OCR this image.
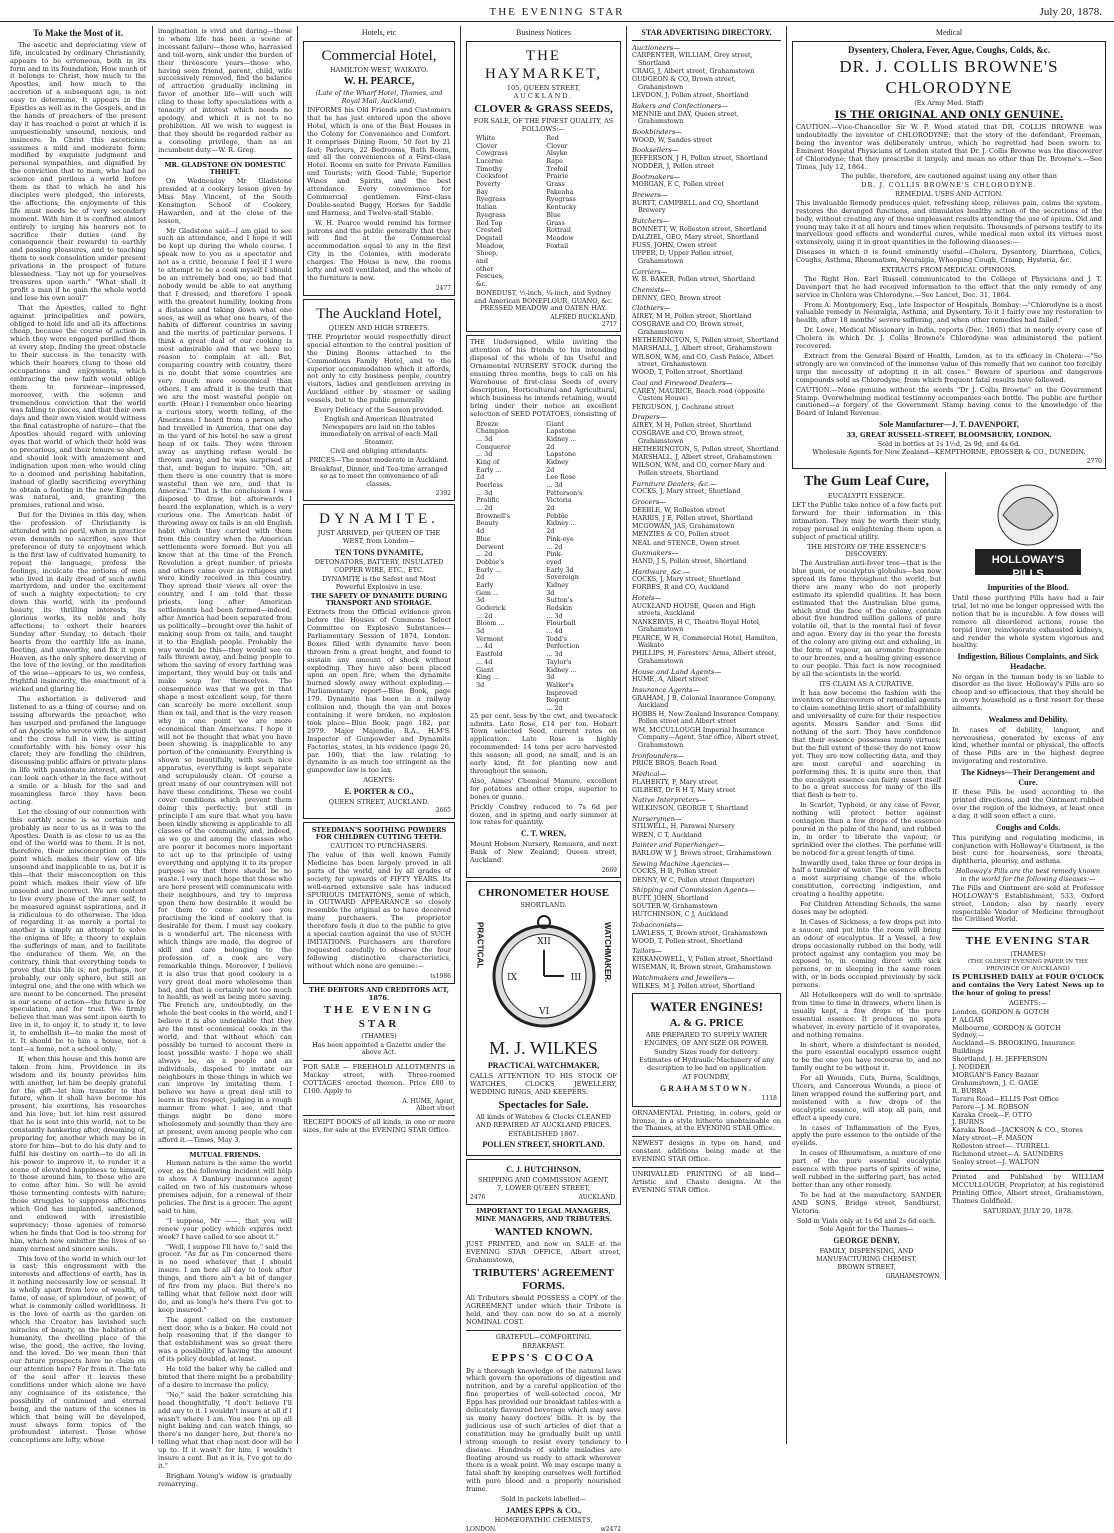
THE EVENING STAR	July 20, 1878.
To Make the Most of it.
The ascetic and depreciating view of life, inculcated by ordinary Christianity, appears to be erroneous, both in its form and in its foundation. How much of it belongs to Christ, how much to the Apostles, and how much to the accretion of a subsequent age, is not easy to determine. It appears in the Epistles as well as in the Gospels, and in the hands of preachers of the present day it has reached a point at which it is unquestionably unsound, noxious, and insincere. In Christ this asceticism assumes a mild and moderate form; modified by exquisite judgment and personal sympathies, and dignified by the conviction that to men, who had no science and perilous a world before them as that to which he and his disciples were pledged, the interests, the affections, the enjoyments of this life must needs be of very secondary moment. With him it is confined almost entirely to urging his hearers not to sacrifice their duties (and by consequence their rewards) to earthly and passing pleasures, and to teaching them to seek consolation under present privations in the prospect of future blessedness. "Lay not up for yourselves treasures upon earth." "What shall it profit a man if he gain the whole world and lose his own soul?"
That the Apostles, called to fight against principalities and powers, obliged to hold life and all its affections cheap, because the course of action in which they were engaged perilled them at every step, finding the great obstacle to their success in the tenacity with which their hearers clung to those old occupations and enjoyments, which embracing the new faith would oblige them to forswear—impressed, moreover, with the solemn and tremendous conviction that the world was falling to pieces, and that their own days and their own vision would witness the final catastrophe of nature—that the Apostles should regard with unloving eyes that world of which their hold was so precarious, and their tenure so short, and should look with amazement and indignation upon men who would cling to a doomed and perishing habitation, instead of gladly sacrificing everything to obtain a footing in the new Kingdom was natural, and, granting the premises, rational and wise.
But for the Divines in this day, when the profession of Christianity is attended with no peril, when in practice even demands no sacrifice, save that preference of duty to enjoyment which is the first law of cultivated humanity, to repeat the language, profess the feelings, inculcate the notions of men who lived in daily dread of such awful martyrdom, and under the excitement of such a mighty expectation; to cry down this world, with its profound beauty, its thrilling interests, its glorious works, its noble and holy affections; to exhort their hearers Sunday after Sunday, to detach their hearts from the earthly life as inane, fleeting, and unworthy, and fix it upon Heaven, as the only sphere deserving of the love of the loving, or the meditation of the wise—appears to us, we confess, frightful insincerity, the enactment of a wicked and glaring lie.
The exhortation is delivered and listened to as a thing of course; and on issuing afterwards the preacher, who has usurped and profaned the language of an Apostle who wrote with the august and the cross full in view, is sitting comfortably with his honey over his claret; they are fondling the children, discussing public affairs or private plans in life with passionate interest, and yet can look each other in the face without a smile or a blush for the sad and meaningless farce they have been acting.
Let the closing of our connection with this earthly scene is so certain and probably as near to us as it was to the Apostles. Death is as close to us as the end of the world was to them. It is not, therefore, their misconception on this point which makes their view of life unsound and inapplicable to us, but it is this—that their misconception on this point which makes their view of life unsound and incorrect. We are content to live every phase of the inner self, to be measured against aspirations, and it is ridiculous to do otherwise. The idea of regarding it as merely a portal to another is simply an attempt to solve the enigma of life; a theory to explain the sufferings of man, and to facilitate the endurance of them. We, on the contrary, think that everything tends to prove that this life is, not perhaps, nor probably, our only sphere, but still an integral one, and the one with which we are meant to be concerned. The present is our scene of action—the future is for speculation, and for trust. We firmly believe that man was sent upon earth to live in it, to enjoy it, to study it, to love it, to embellish it—to make the most of it. It should be to him a house, not a tent—a home, not a school only.
If, when this house and this home are taken from him, Providence in its wisdom and its bounty provides him with another, let him be deeply grateful for the gift—let him transfer to that future, when it shall have become his present, his exertions, his researches and his love; but let him rest assured that he is sent into this world, not to be constantly hankering after, dreaming of, preparing for, another which may be in store for him—but to do his duty and to fulfil his destiny on earth—to do all in his power to improve it, to render it a scene of elevated happiness to himself, to those around him, to those who are to come after him. So will he avoid those tormenting contests with nature; those struggles to suppress affections which God has implanted, sanctioned, and endowed with irresistible supremacy; those agonies of remorse when he finds that God is too strong for him, which now embitter the lives of so many earnest and sincere souls.
This love of the world in which our lot is cast; this engrossment with the interests and affections of earth, has in it nothing necessarily low or sensual. It is wholly apart from love of wealth, of fame, of ease, of splendour, of power, of what is commonly called worldliness. It is the love of earth as the garden on which the Creator has lavished such miracles of beauty, as the habitation of humanity, the dwelling place of the wise, the good, the active, the loving, and the loved. Do we mean then that our future prospects have no claim on our attention here? Far from it. The fate of the soul after it leaves these conditions under which alone we have any cognisance of its existence, the possibility of continued and eternal being, and the nature of the scenes in which that being will be developed, must always form topics of the profoundest interest. Those whose conceptions are lofty, whose
imagination is vivid and daring—those to whom life has been a scene of incessant failure—those who, harrassed and toil-worn, sink under the burden of their threescore years—those who, having seen friend, parent, child, wife successively removed, find the balance of attraction gradually inclining in favor of another life—will such will cling to these lofty speculations with a tenacity of interest which needs no apology, and which it is not to no prohibition. All we wish to suggest is that they should be regarded rather as a consoling privilege, than as an incumbent duty.—W. R. Greg.
MR. GLADSTONE ON DOMESTIC THRIFT.
On Wednesday Mr Gladstone presided at a cookery lesson given by Miss May Vincent, of the South Kensington School of Cookery, Hawarden, and at the close of the lesson,
Mr Gladstone said—I am glad to see such an attendance, and I hope it will be kept up during the whole course. I speak now to you as a spectator and not as a critic, because I feel if I were to attempt to be a cook myself I should be an extremely bad one, so bad that nobody would be able to eat anything that I dressed; and therefore I speak with the greatest humility, looking from a distance and taking down what one sees, as well as what one hears, of the habits of different countries in saving and the merits of particular persons. I think a great deal of our cooking is most admirable and that we have no reason to complain at all. But, comparing country with country, there is no doubt that some countries are very much more economical than others. I am afraid it is the truth that we are the most wasteful people on earth. (Hear.) I remember once hearing a curious story, worth telling, of the Americans. I heard from a person who had travelled in America, that one day in the yard of his hotel he saw a great heap of ox tails. They were thrown away as anything refuse would be thrown away, and he was surprised at that, and began to inquire. "Oh, sir, then there is one country that is more wasteful than we are, and that is America." That is the conclusion I was disposed to draw, but afterwards I heard the explanation, which is a very curious one. The American habit of throwing away ox tails is an old English habit which they carried with them from this country when the American settlements were formed. But you all know that at the time of the French Revolution a great number of priests and others came over as refugees and were kindly received in this country. They spread their views all over the country, and I am told that these priests, long after American settlements had been formed—indeed, after America had been separated from us politically—brought over the habit of making soup from ox tails, and taught it to the English people. Probably the way would be this—they would see ox tails thrown away, and being people to whom the saving of every farthing was important, they would buy ox tails and make soup for themselves. The consequence was that we got in that shape a most excellent soup, for there can scarcely be more excellent soup than ox tail, and that is the very reason why in one point we are more economical than Americans. I hope it will not be thought that what you have been showing is inapplicable to any portion of the community. Everything is shown so beautifully, with such nice apparatus, everything is kept separate and scrupulously clean. Of course a great many of our countrymen will not have these conditions. These we could cover conditions which prevent them doing this perfectly; but still in principle I am sure that what you have been kindly showing is applicable to all classes of the community, and, indeed, as we go and among the classes who are poorer it becomes more important to act up to the principle of using everything and applying it to its proper purpose so that there should be no waste. I very much hope that those who are here present will communicate with their neighbours, and try to impress upon them how desirable it would be for them to come and see you practising the kind of cookery that is desirable for them. I must say cookery is a wonderful art. The niceness with which things are made, the degree of skill and care belonging to the profession of a cook are very remarkable things. Moreover, I believe it is also true that good cookery is a very great deal more wholesome than bad, and that is certainly not too much to health, as well as being more saving. The French are, undoubtedly, on the whole the best cooks in the world, and I believe it is also undeniable that they are the most economical cooks in the world, and that without which can possibly be turned to account there is least possible waste. I hope we shall always be, as a people and as individuals, disposed to imitate our neighbours in those things in which we can improve by imitating them. I believe we have a great deal still to learn in this respect, judging in a rough manner from what I see, and that things might be done more wholesomely and soundly than they are at present, even among people who can afford it.—Times, May 3.
MUTUAL FRIENDS.
Human nature is the same the world over, as the following incident will help to show. A Danbury insurance agent called on two of his customers whose premises adjoin, for a renewal of their policies. The first is a grocer. The agent said to him,
"I suppose, Mr ——, that you will renew your policy which expires next week? I have called to see about it."
"Well, I suppose I'll have to," said the grocer. "As far as I'm concerned there is no need whatever that I should insure. I am here all day to look after things, and there ain't a bit of danger of fire from my place. But there's no telling what that fellow next door will do, and as long's he's there I've got to keep insured."
The agent called on the customer next door, who is a baker. He could not help reasoning that if the danger to that establishment was so great there was a possibility of having the amount of its policy doubled, at least.
He told the baker why he called and hinted that there might be a probability of a desire to increase the policy.
"No," said the baker scratching his head thoughtfully, "I don't believe I'll add any to it. I wouldn't insure at all if I wasn't where I am. You see I'm up all night baking and can watch things, so there's no danger here, but there's no telling what that chap next door will be up to. If it wasn't for him, I wouldn't insure a cent. But as it is, I've got to do it."
Brigham Young's widow is gradually remarrying.
Hotels, etc
Commercial Hotel,
HAMILTON WEST, WAIKATO.
W. H. PEARCE,
(Late of the Wharf Hotel, Thames, and Royal Mail, Auckland),
INFORMS his Old Friends and Customers that he has just entered upon the above Hotel, which is one of the Best Houses in the Colony for Convenience and Comfort. It comprises Dining Room, 50 feet by 21 feet; Parlours, 22 Bedrooms, Bath Room, and all the conveniences of a First-class Hotel. Rooms en suite for Private Families and Tourists; with Good Table, Superior Wines and Spirits, and the best attendance. Every convenience for Commercial gentlemen. First-class Double-seated Buggy, Horses for Saddle and Harness, and Twelve-stall Stable.
W. H. Pearce would remind his former patrons and the public generally that they will find at the Commercial accommodation equal to any in the first City in the Colonies, with moderate charges. The House is new, the rooms lofty and well ventilated, and the whole of the furniture is new.
2477
The Auckland Hotel,
QUEEN AND HIGH STREETS.
THE Proprietor would respectfully direct special attention to the central position of the Dining Rooms attached to the Commodious Family Hotel, and to the superior accommodation which it affords, not only to city business people, country visitors, ladies and gentlemen arriving in Auckland either by steamer or sailing vessels, but to the public generally.
Every Delicacy of the Season provided.
English and American Illustrated Newspapers are laid on the tables immediately on arrival of each Mail Steamer.
Civil and obliging attendants.
PRICES—The most moderate in Auckland.
Breakfast, Dinner, and Tea-time arranged so as to meet the convenience of all classes.
2392
DYNAMITE.
JUST ARRIVED, per QUEEN OF THE WEST, from London—
TEN TONS DYNAMITE,
DETONATORS, BATTERY, INSULATED COPPER WIRE, ETC., ETC.
DYNAMITE is the Safest and Most Powerful Explosive in use.
THE SAFETY OF DYNAMITE DURING TRANSPORT AND STORAGE.
Extracts from the Official evidence given before the Houses of Commons Select Committee on Explosive Substances—Parliamentary Session of 1874, London. Boxes filled with dynamite have been thrown from a great height, and found to sustain any amount of shock without exploding. They have also been placed upon an open fire, when the dynamite burned slowly away without exploding.—Parliamentary report—Blue Book, page 179. Dynamite has been in a railway collision and, though the van and boxes containing it were broken, no explosion took place—Blue Book, page 182, par. 2979. Major Majendie, R.A., H.M'S. Inspector of Gunpowder and Dynamite Factories, states, in his evidence (page 26, par. 100), that the law relating to dynamite is as much too stringent as the gunpowder law is too lax.
AGENTS:
E. PORTER & CO.,
QUEEN STREET, AUCKLAND.
2665
STEEDMAN'S SOOTHING POWDERS FOR CHILDREN CUTTING TEETH.
CAUTION TO PURCHASERS.
The value of this well known Family Medicine has been largely proved in all parts of the world, and by all grades of society, for upwards of FIFTY YEARS. Its well-earned extensive sale has induced SPURIOUS IMITATIONS, some of which, in OUTWARD APPEARANCE so closely resemble the original as to have deceived many purchasers. The proprietor therefore feels it due to the public to give a special caution against the use of SUCH IMITATIONS. Purchasers are therefore requested carefully to observe the four following distinctive characteristics, without which none are genuine:—
ts1986
THE DEBTORS AND CREDITORS ACT, 1876.
THE EVENING STAR
(THAMES)
Has been appointed a Gazette under the above Act.
FOR SALE — FREEHOLD ALLOTMENTS in Mackay street, with Three-roomed COTTAGES erected thereon. Price £80 to £100. Apply to
A. HUME, Agent,
Albert street
RECEIPT BOOKS of all kinds, in one or more sizes, for sale at the EVENING STAR Office.
Business Notices
THE HAYMARKET,
105, QUEEN STREET,
AUCKLAND.
CLOVER & GRASS SEEDS,
FOR SALE, OF THE FINEST QUALITY, AS FOLLOWS:—
White Clover
Cowgrass
Lucerne
Timothy
Cocksfoot
Poverty Bay Ryegrass
Italian Ryegrass
Red Top
Crested Dogstail
Meadow, Sheep, and other Fescues, &c.
Red Clover
Alsyke
Rape
Trefoil
Prairie Grass
Pakeaha Ryegrass
Kentucky Blue Grass
Rottrail
Meadow Foxtail
BONEDUST, ½-inch, ¼-inch, and Sydney and American BONEFLOUR, GUANO, &c. PRESSED MEADOW and OATEN HAY.
ALFRED BUCKLAND.
2717
THE Undersigned, while inviting the attention of his friends to his intending disposal of the whole of his Useful and Ornamental NURSERY STOCK during the ensuing three months, begs to call on his Warehouse of first-class Seeds of every description, Horticultural and Agricultural, which business he intends retaining, would bring under their notice an excellent selection of SEED POTATOES, consisting of
Breeze Champion ... 3d
Conqueror ... 3d
King of Early ... 2d
Peerless ... 3d
Prolific ... 2d
Brownell's Beauty 4d
Blue Derwent ... 2d
Dobbie's Early ... 2d
Early Gem ... 3d
Goderick ... 2d
Bloom ... 3d
Vermont ... 4d
Eastfold ... 4d
Giant King ... 3d
Giant Lapstone Kidney ... 2d
Lapstone Kidney 2d
Lee Rose ... 3d
Patterson's Victoria 2d
Pebble Kidney ... 2d
Pink-eye ... 2d
Pink-eyed Early 3d
Sovereign Kidney 3d
Sutton's Redskin ... 3d
Flourball ... 4d
Todd's Perfection ... 3d
Taylor's Kidney ... 3d
Walker's Improved Regent ... 2d
25 per cent. less by the cwt, and two-stock admits. Late Rose, £14 per ton. Hobart Town selected Seed, current rates on application. Late Rose is highly recommended: 14 tons per acre harvested this season; all good, no small, and is an early kind, fit for planting now and throughout the season.
Also, Aimes' Chemical Manure, excellent for potatoes and other crops, superior to bones or guano.
Prickly Comfrey reduced to 7s 6d per dozen, and in spring and early summer at low rates for quantity.
C. T. WREN,
Mount Hobson Nursery, Remuera, and next Bank of New Zealand, Queen street, Auckland.
2669
CHRONOMETER HOUSE
SHORTLAND.
PRACTICAL	WATCHMAKER.
XII
III
VI
IX
M. J. WILKES
PRACTICAL WATCHMAKER,
CALLS ATTENTION TO HIS STOCK OF WATCHES, CLOCKS, JEWELLERY, WEDDING RINGS, AND KEEPERS.
Spectacles for Sale.
All kinds of Watches & Clocks CLEANED AND REPAIRED AT AUCKLAND PRICES.
ESTABLISHED 1867.
POLLEN STREET, SHORTLAND.
C. J. HUTCHINSON,
SHIPPING AND COMMISSION AGENT,
7, LOWER QUEEN STREET,
2476	AUCKLAND.
IMPORTANT TO LEGAL MANAGERS, MINE MANAGERS, AND TRIBUTERS.
WANTED KNOWN.
JUST PRINTED, and now on SALE at the EVENING STAR OFFICE, Albert street, Grahamstown,
TRIBUTERS' AGREEMENT FORMS.
All Tributers should POSSESS a COPY of the AGREEMENT under which their Tribute is held, and they can now do so at a merely NOMINAL COST.
GRATEFUL—COMFORTING.
BREAKFAST.
EPPS'S COCOA
By a thorough knowledge of the natural laws which govern the operations of digestion and nutrition, and by a careful application of the fine properties of well-selected cocoa, Mr Epps has provided our breakfast tables with a delicately flavoured beverage which may save us many heavy doctors' bills. It is by the judicious use of such articles of diet that a constitution may be gradually built up until strong enough to resist every tendency to disease. Hundreds of subtle maladies are floating around us ready to attack wherever there is a weak point. We may escape many a fatal shaft by keeping ourselves well fortified with pure blood and a properly nourished frame.
Sold in packets labelled—
JAMES EPPS & CO.,
HOMŒOPATHIC CHEMISTS,
LONDON.	w2472
STAR ADVERTISING DIRECTORY.
Auctioneers—
CARPENTER, WILLIAM, Grey street, Shortland
CRAIG, J, Albert street, Grahamstown
GUDGEON & CO, Brown street, Grahamstown
LEVDON, J, Pollen street, Shortland
Bakers and Confectioners—
MENNIE and DAY, Queen street, Grahamstown
Bookbinders—
WOOD, W, Sandes street
Booksellers—
JEFFERSON, J H, Pollen street, Shortland
NODDER, J, Pollen street
Bootmakers—
MORGAN, E C, Pollen street
Brewers—
BURTT, CAMPBELL and CO, Shortland Brewery
Butchers—
BONNETT, W, Rolleston street, Shortland
DALZIEL, GEO, Mary street, Shortland
FUSS, JOHN, Owen street
UPPER, D, Upper Pollen street, Grahamstown
Carriers—
W. B. BAKER, Pollen street, Shortland
Chemists—
DENNY, GEO, Brown street
Clothiers—
AIREY, M H, Pollen street, Shortland
COSGRAVE and CO, Brown street, Grahamstown
HETHERINGTON, S, Pollen street, Shortland
MARSHALL, J, Albert street, Grahamstown
WILSON, W.M, and CO, Cash Palace, Albert street, Grahamstown
WOOD, T, Pollen street, Shortland
Coal and Firewood Dealers—
CAREY, MAURICE, Beach road (opposite Custom House)
FERGUSON, J, Cochrane street
Drapers—
AIREY, M H, Pollen street, Shortland
COSGRAVE and CO, Brown street, Grahamstown
HETHERINGTON, S, Pollen street, Shortland
MARSHALL, J, Albert street, Grahamstown
WILSON, W.M, and CO, corner Mary and Pollen streets, Shortland
Furniture Dealers, &c.—
COCKS, J, Mary street, Shortland
Grocers—
DEEBLE, W, Rolleston street
HARRIS, J E, Pollen street, Shortland
MCGOWAN, JAS, Grahamstown
MENZIES & CO, Pollen street
NEAL and STENCE, Owen street
Gunmakers—
HAND, J S, Pollen street, Shortland
Hardware, &c.—
COCKS, J, Mary street, Shortland
FORBES, R and CO, Auckland
Hotels—
AUCKLAND HOUSE, Queen and High streets, Auckland
NANKERVIS, H C, Theatre Royal Hotel, Grahamstown
PEARCE, W H, Commercial Hotel, Hamilton, Waikato
PHILLIPS, H, Foresters' Arms, Albert street, Grahamstown
House and Land Agents—
HUME, A, Albert street
Insurance Agents—
GRAHAM, J B, Colonial Insurance Company, Auckland
HOBBS H, New Zealand Insurance Company, Pollen street and Albert street
WM. MCCULLOUGH Imperial Insurance Company—Agent, Star office, Albert street, Grahamstown
Ironfounders—
PRICE BROS, Beach Road
Medical—
FLAHERTY, F, Mary street
GILBERT, Dr R H T, Mary street
Native Interpreters—
WILKINSON, GEORGE T, Shortland
Nurserymen—
STILWELL, H, Parawai Nursery
WREN, C T, Auckland
Painter and Paperhanger—
BARLOW, W J, Brown street, Grahamstown
Sewing Machine Agencies—
COCKS, H B, Pollen street
DENNY, W C, Pollen street (Importer)
Shipping and Commission Agents—
BUTT, JOHN, Shortland
SOUTER W, Grahamstown
HUTCHINSON, C J, Auckland
Tobacconists—
LAWLESS, T, Brown street, Grahamstown
WOOD, T, Pollen street, Shortland
Tailors—
KIRKANOWELL, V, Pollen street, Shortland
WISEMAN, R, Brown street, Grahamstown
Watchmakers and Jewellers—
WILKES, M J, Pollen street, Shortland
WATER ENGINES!
A. & G. PRICE
ARE PREPARED TO SUPPLY WATER ENGINES, OF ANY SIZE OR POWER.
Sundry Sizes ready for delivery.
Estimates of Hydraulic Machinery of any description to be had on application
AT FOUNDRY,
GRAHAMSTOWN.
1118
ORNAMENTAL Printing, in colors, gold or bronze, in a style hitherto unobtainable on the Thames, at the EVENING STAR Office.
NEWEST designs in type on hand, and constant additions being made at the EVENING STAR Office.
UNRIVALLED PRINTING of all kind—Artistic and Chaste designs. At the EVENING STAR Office.
Medical
Dysentery, Cholera, Fever, Ague, Coughs, Colds, &c.
DR. J. COLLIS BROWNE'S CHLORODYNE
(Ex Army Med. Staff)
IS THE ORIGINAL AND ONLY GENUINE.
CAUTION.—Vice-Chancellor Sir W. P. Wood stated that DR. COLLIS BROWNE was undoubtedly the inventor of CHLORODYNE; that the story of the defendant, Freeman, being the inventor was deliberately untrue, which he regretted had been sworn to. Eminent Hospital Physicians of London stated that Dr. J. Collis Browne was the discoverer of Chlorodyne; that they prescribe it largely, and mean no other than Dr. Browne's.—See Times, July 12, 1864.
The public, therefore, are cautioned against using any other than
DR. J. COLLIS BROWNE'S CHLORODYNE.
REMEDIAL USES AND ACTION.
This invaluable Remedy produces quiet, refreshing sleep, relieves pain, calms the system, restores the deranged functions, and stimulates healthy action of the secretions of the body, without creating any of those unpleasant results attending the use of opium. Old and young may take it at all hours and times when requisite. Thousands of persons testify to its marvellous good effects and wonderful cures, while medical men extol its virtues most extensively, using it in great quantities in the following diseases:—
Diseases in which it is found eminently useful—Cholera, Dysentery, Diarrhœa, Colics, Coughs, Asthma, Rheumatism, Neuralgia, Whooping Cough, Cramp, Hysteria, &c.
EXTRACTS FROM MEDICAL OPINIONS.
The Right Hon. Earl Russell communicated to the College of Physicians and J. T. Davenport that he had received information to the effect that the only remedy of any service in Cholera was Chlorodyne.—See Lancet, Dec. 31, 1864.
From A. Montgomery, Esq., late Inspector of Hospitals, Bombay:—"Chlorodyne is a most valuable remedy in Neuralgia, Asthma, and Dysentery. To it I fairly owe my restoration to health, after 18 months' severe suffering, and when other remedies had failed."
Dr. Lowe, Medical Missionary in India, reports (Dec. 1865) that in nearly every case of Cholera in which Dr. J. Collis Browne's Chlorodyne was administered the patient recovered.
Extract from the General Board of Health, London, as to its efficacy in Cholera:—"So strongly are we convinced of the immense value of this remedy that we cannot too forcibly urge the necessity of adopting it in all cases." Beware of spurious and dangerous compounds sold as Chlorodyne, from which frequent fatal results have followed.
CAUTION.—None genuine without the words "Dr J. Collis Browne" on the Government Stamp. Overwhelming medical testimony accompanies each bottle. The public are further cautioned—a forgery of the Government Stamp having come to the knowledge of the Board of Inland Revenue.
Sole Manufacturer—J. T. DAVENPORT,
33, GREAT RUSSELL-STREET, BLOOMSBURY, LONDON.
Sold in bottles at 1s 1½d, 2s 9d, and 4s 6d.
Wholesale Agents for New Zealand—KEMPTHORNE, PROSSER & CO., DUNEDIN.
2770
The Gum Leaf Cure,
EUCALYPTI ESSENCE.
LET the Public take notice of a few facts put forward for their information in this intimation. They may be worth their study, repay perusal in enlightening them upon a subject of practical utility.
THE HISTORY OF THE ESSENCE'S DISCOVERY.
The Australian anti-fever tree—that is the blue gum, or eucalyptus globulus—has now spread its fame throughout the world, but there are many who do not properly estimate its splendid qualities. It has been estimated that the Australian blue gums, which stud the face of the colony, contain about five hundred million gallons of pure volatile oil, that is the mental fuel of fever and ague. Every day in the year the forests of the colony are giving out and exhaling, in the form of vapour, an aromatic fragrance to our breezes, and a healing giving essence to our people. This fact is now recognised by all the scientists in the world.
ITS CLAIM AS A CURATIVE.
It has now become the fashion with the inventors or discoverers of remedial agents to claim something little short of infallibility and universality of cure for their respective agents. Messrs Sander and Sons did nothing of the sort. They have confidence that their essence possesses many virtues; but the full extent of these they do not know yet. They are now collecting data, and they are most careful and searching in performing this. It is quite sure then, that the eucalypti essence can fairly assert itself to be a great success for many of the ills that flesh is heir to.
In Scarlet, Typhoid, or any case of Fever, nothing will protect better against contagion than a few drops of the essence poured in the palm of the hand, and rubbed in, in order to liberate the vapour, or sprinkled over the clothes. The perfume will be noticed for a great length of time.
Inwardly used, take three or four drops in half a tumbler of water. The essence effects a most surprising change of the whole constitution, correcting indigestion, and creating a healthy appetite.
For Children Attending Schools, the same doses may be adopted.
In Cases of Sickness, a few drops put into a saucer, and put into the room will bring an odour of eucalyptus. If a Vessel, a few drops occasionally rubbed on the body, will protect against any contagion you may be exposed to, in coming direct with sick persons, or in sleeping in the same room with, or in beds occupied previously by sick persons.
All Hotelkeepers will do well to sprinkle from time to time in drawers, where linen is usually kept, a few drops of the pure essential essence. It produces no spots whatever, in every particle of it evaporates, and nothing remains.
In short, where a disinfectant is needed, the pure essential eucalypti essence ought to be the one you have recourse to, and no family ought to be without it.
For all Wounds, Cuts, Burns, Scaldings, Ulcers, and Cancerous Wounds, a piece of linen wrapped round the suffering part, and moistened with a few drops of the eucalyptic essence, will stop all pain, and effect a speedy cure.
In cases of Inflammation of the Eyes, apply the pure essence to the outside of the eyelids.
In cases of Rheumatism, a mixture of one part of the pure essential eucalyptic essence with three parts of spirits of wine, well rubbed in the suffering part, has acted better than any other remedy.
To be had at the manufactory, SANDER AND SONS, Bridge street, Sandhurst, Victoria.
Sold in Vials only at 1s 6d and 2s 6d each.
Sole Agent for the Thames—
GEORGE DENBY,
FAMILY, DISPENSING, AND MANUFACTURING CHEMIST,
BROWN STREET,
GRAHAMSTOWN.
HOLLOWAY'S PILLS
Impurities of the Blood.
Until these purifying Pills have had a fair trial, let no one be longer oppressed with the notion that he is incurable. A few doses will remove all disordered actions, rouse the torpid liver, reinvigorate exhausted kidneys, and render the whole system vigorous and healthy.
Indigestion, Bilious Complaints, and Sick Headache.
No organ in the human body is so liable to disorder as the liver. Holloway's Pills are so cheap and so efficacious, that they should be in every household as a first resort for these ailments.
Weakness and Debility.
In cases of debility, languor, and nervousness, generated by excess of any kind, whether mental or physical, the effects of these Pills are in the highest degree invigorating and restorative.
The Kidneys—Their Derangement and Cure.
If these Pills be used according to the printed directions, and the Ointment rubbed over the region of the kidneys, at least once a day, it will soon effect a cure.
Coughs and Colds.
This purifying and regulating medicine, in conjunction with Holloway's Ointment, is the best cure for hoarseness, sore throats, diphtheria, pleurisy, and asthma.
Holloway's Pills are the best remedy known in the world for the following diseases:—
The Pills and Ointment are sold at Professor HOLLOWAY'S Establishment, 533, Oxford street, London; also by nearly every respectable Vendor of Medicine throughout the Civilised World.
THE EVENING STAR
(THAMES)
(THE OLDEST EVENING PAPER IN THE PROVINCE OF AUCKLAND)
IS PUBLISHED DAILY at FOUR O'CLOCK and contains the Very Latest News up to the hour of going to press!
AGENTS:—
London, GORDON & GOTCH
P. ALGAR
Melbourne, GORDON & GOTCH
Sydney,—
Auckland—S. BROOKING, Insurance Buildings
Shortland, J. H. JEFFERSON
J. NODDER
MORGAN'S Fancy Bazaar
Grahamstown, J. C. GAGE
R. BURRA
Tararu Road—ELLIS Post Office
Parore—J. M. ROBSON
Karaka Creek—F. OTTO
J. BURNS
Karaka Road—JACKSON & CO., Stores
Mary street—F. MASON
Rolleston street—. TURRELL
Richmond street—A. SAUNDERS
Sealey street—J. WALTON
Printed and Published by WILLIAM MCCULLOUGH, Proprietor, at his registered Printing Office, Albert street, Grahamstown, Thames Goldfield.
SATURDAY, JULY 20, 1878.
